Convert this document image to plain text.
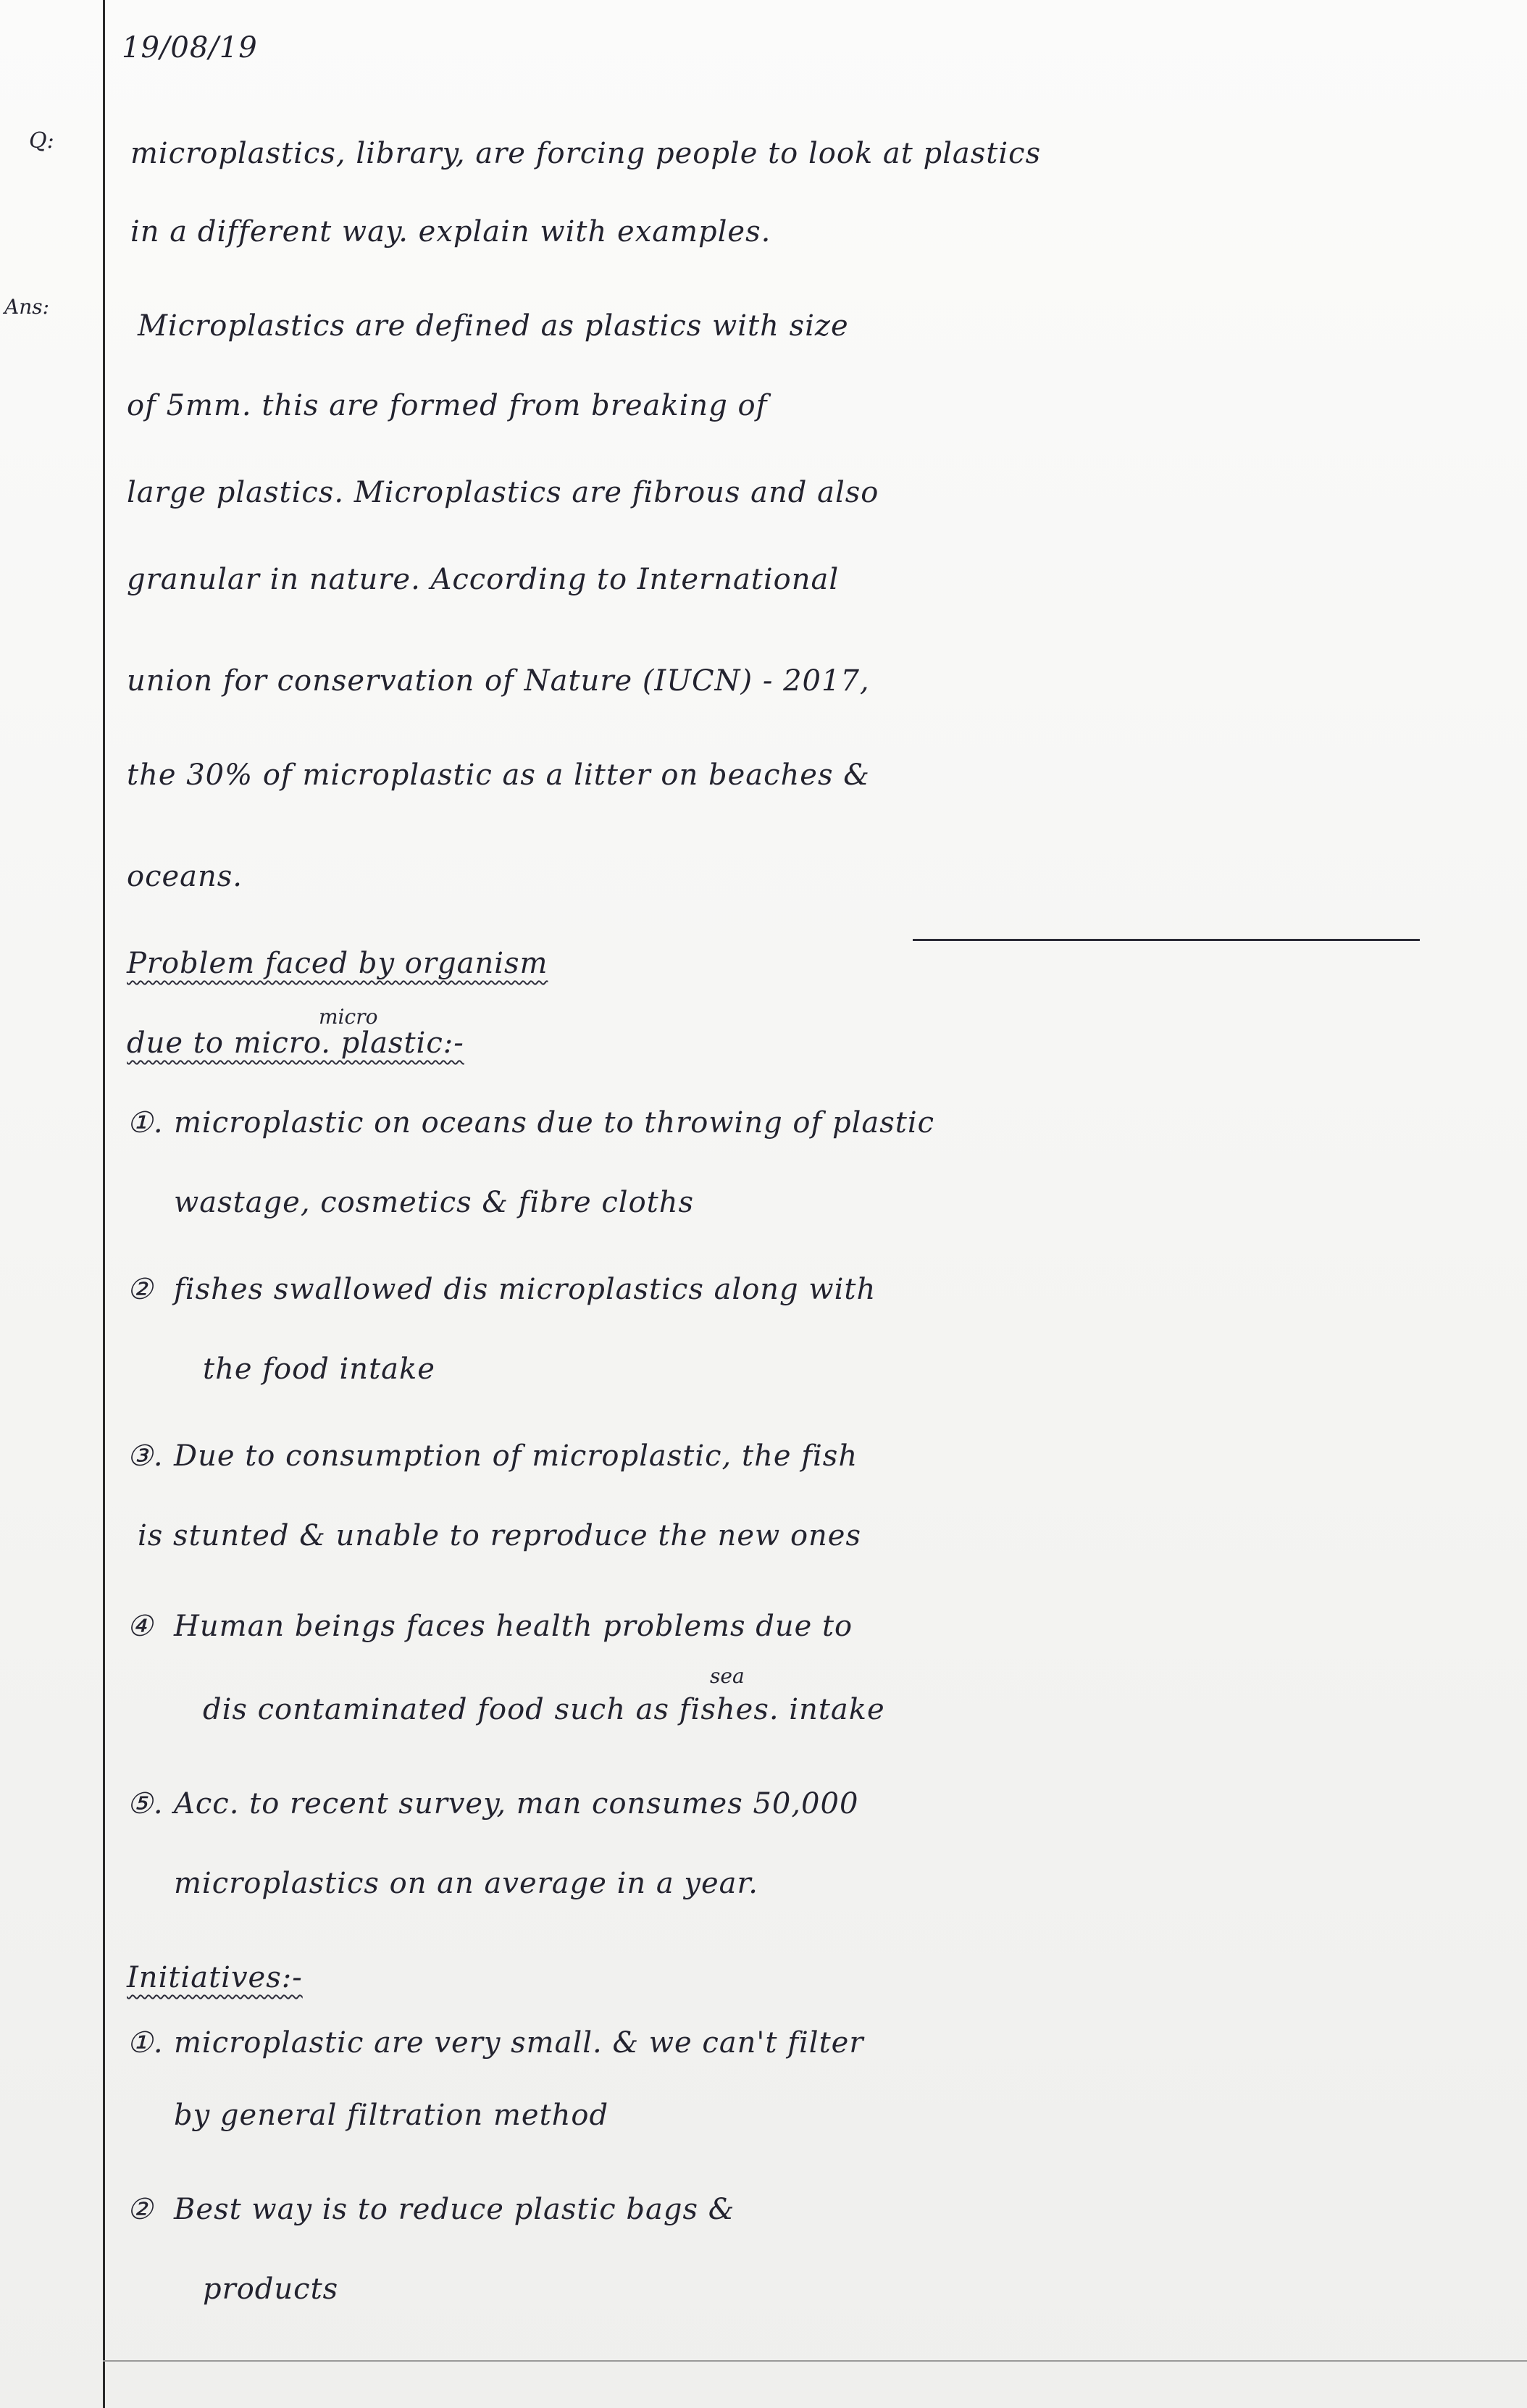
19/08/19
Q:	microplastics, library, are forcing people to look at plastics
in a different way. explain with examples.
Ans:
Microplastics are defined as plastics with size
of 5mm. this are formed from breaking of
large plastics. Microplastics are fibrous and also
granular in nature. According to International
union for conservation of Nature (IUCN) - 2017,
the 30% of microplastic as a litter on beaches &
oceans.
Problem faced by organism
micro
due to micro. plastic:-
①. microplastic on oceans due to throwing of plastic
wastage, cosmetics & fibre cloths
② fishes swallowed dis microplastics along with
the food intake
③. Due to consumption of microplastic, the fish
is stunted & unable to reproduce the new ones
④ Human beings faces health problems due to
sea
dis contaminated food such as fishes. intake
⑤. Acc. to recent survey, man consumes 50,000
microplastics on an average in a year.
Initiatives:-
①. microplastic are very small. & we can't filter
by general filtration method
② Best way is to reduce plastic bags &
products
